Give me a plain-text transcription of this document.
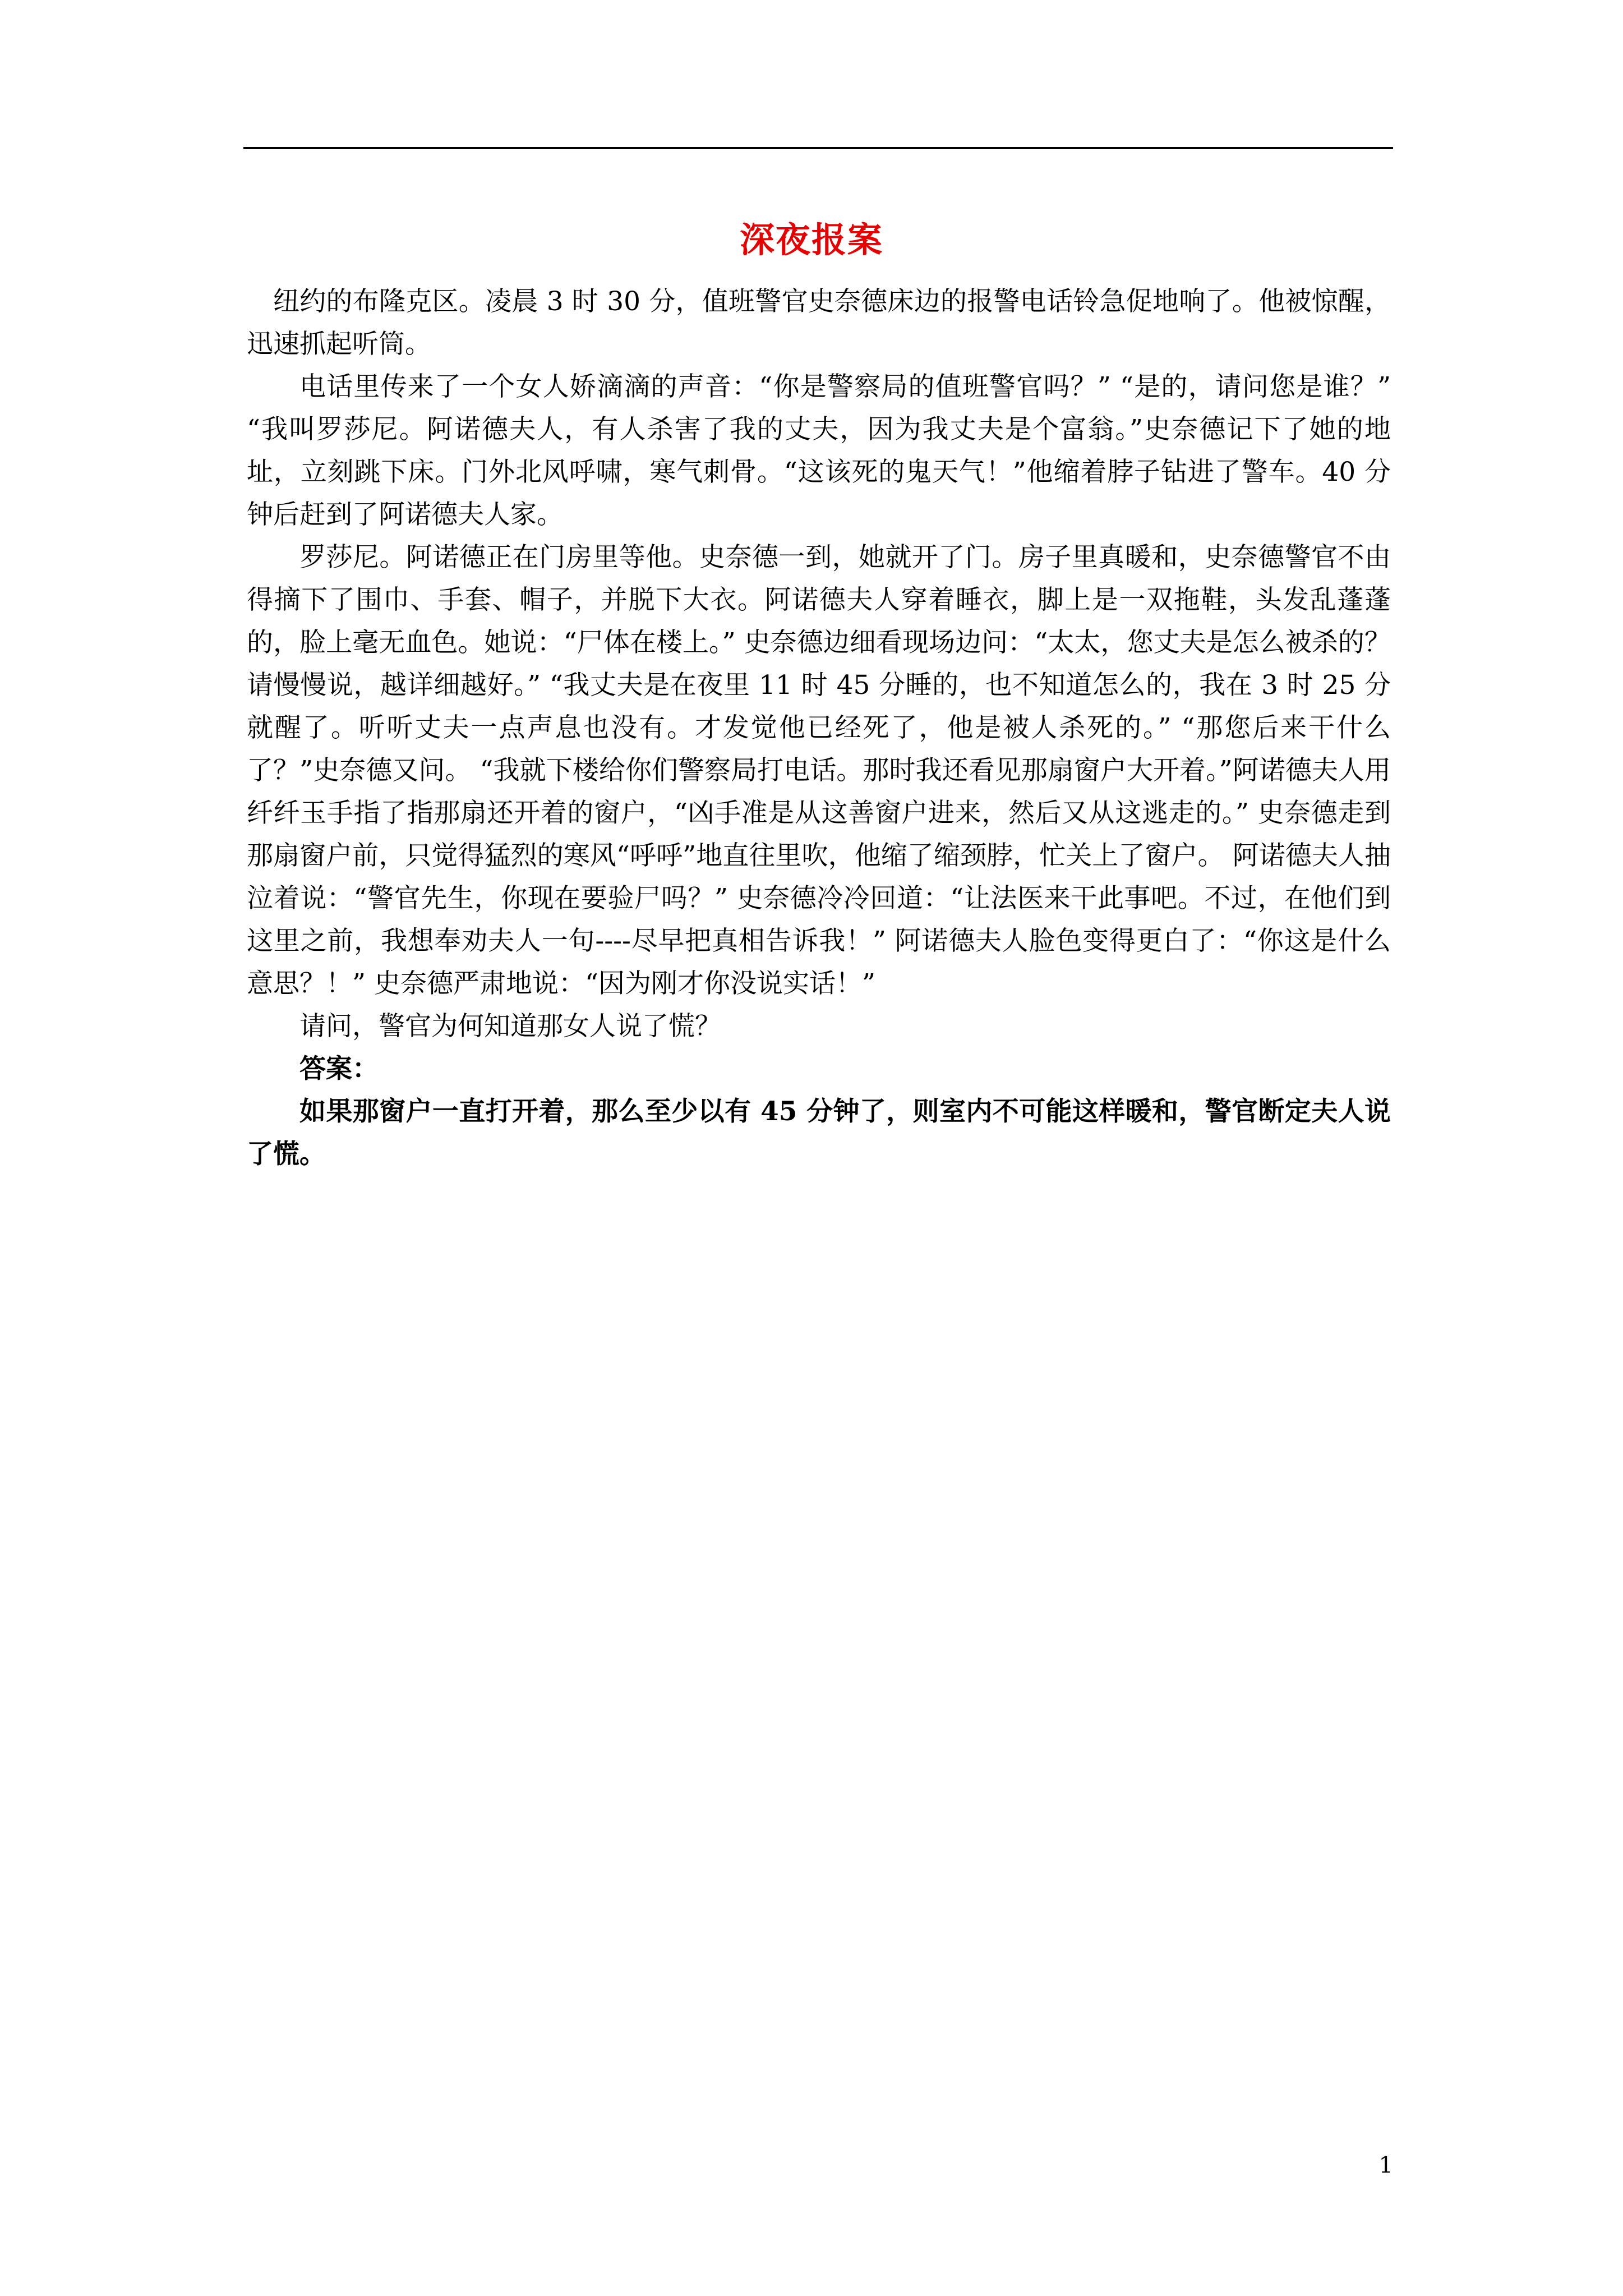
深夜报案

纽约的布隆克区。凌晨 3 时 30 分，值班警官史奈德床边的报警电话铃急促地响了。他被惊醒，迅速抓起听筒。

电话里传来了一个女人娇滴滴的声音：“你是警察局的值班警官吗？” “是的，请问您是谁？” “我叫罗莎尼。阿诺德夫人，有人杀害了我的丈夫，因为我丈夫是个富翁。”史奈德记下了她的地址，立刻跳下床。门外北风呼啸，寒气刺骨。“这该死的鬼天气！”他缩着脖子钻进了警车。40 分钟后赶到了阿诺德夫人家。

罗莎尼。阿诺德正在门房里等他。史奈德一到，她就开了门。房子里真暖和，史奈德警官不由得摘下了围巾、手套、帽子，并脱下大衣。阿诺德夫人穿着睡衣，脚上是一双拖鞋，头发乱蓬蓬的，脸上毫无血色。她说：“尸体在楼上。” 史奈德边细看现场边问：“太太，您丈夫是怎么被杀的？请慢慢说，越详细越好。” “我丈夫是在夜里 11 时 45 分睡的，也不知道怎么的，我在 3 时 25 分就醒了。听听丈夫一点声息也没有。才发觉他已经死了，他是被人杀死的。” “那您后来干什么了？”史奈德又问。 “我就下楼给你们警察局打电话。那时我还看见那扇窗户大开着。”阿诺德夫人用纤纤玉手指了指那扇还开着的窗户，“凶手准是从这善窗户进来，然后又从这逃走的。” 史奈德走到那扇窗户前，只觉得猛烈的寒风“呼呼”地直往里吹，他缩了缩颈脖，忙关上了窗户。 阿诺德夫人抽泣着说：“警官先生，你现在要验尸吗？” 史奈德冷冷回道：“让法医来干此事吧。不过，在他们到这里之前，我想奉劝夫人一句----尽早把真相告诉我！” 阿诺德夫人脸色变得更白了：“你这是什么意思？！” 史奈德严肃地说：“因为刚才你没说实话！”

请问，警官为何知道那女人说了慌？

答案：

如果那窗户一直打开着，那么至少以有 45 分钟了，则室内不可能这样暖和，警官断定夫人说了慌。

1
